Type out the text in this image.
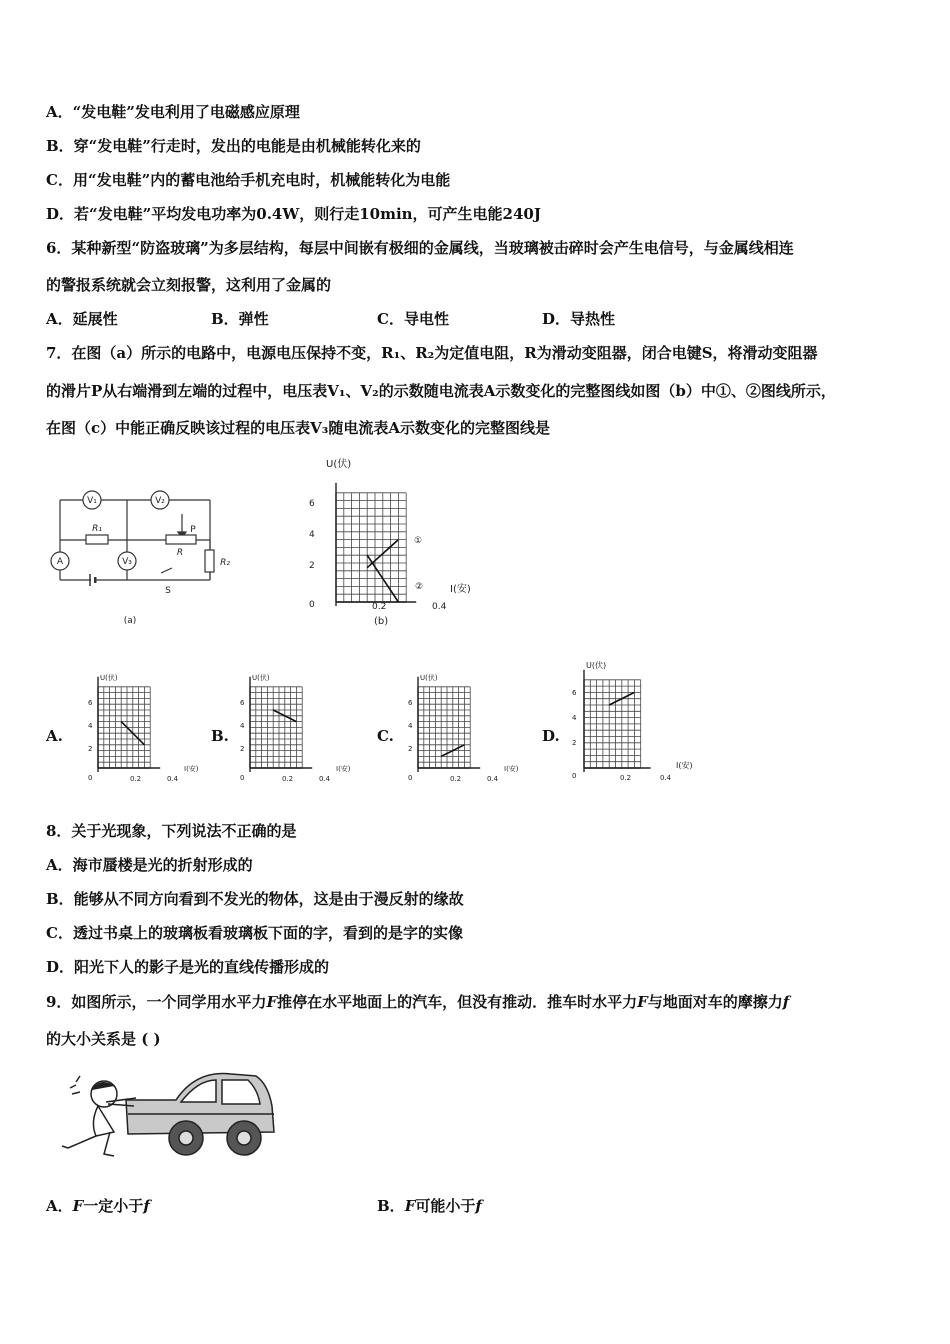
A．“发电鞋”发电利用了电磁感应原理
B．穿“发电鞋”行走时，发出的电能是由机械能转化来的
C．用“发电鞋”内的蓄电池给手机充电时，机械能转化为电能
D．若“发电鞋”平均发电功率为0.4W，则行走10min，可产生电能240J
6．某种新型“防盗玻璃”为多层结构，每层中间嵌有极细的金属线，当玻璃被击碎时会产生电信号，与金属线相连
的警报系统就会立刻报警，这利用了金属的
A．延展性	B．弹性	C．导电性	D．导热性
7．在图（a）所示的电路中，电源电压保持不变，R₁、R₂为定值电阻，R为滑动变阻器，闭合电键S，将滑动变阻器
的滑片P从右端滑到左端的过程中，电压表V₁、V₂的示数随电流表A示数变化的完整图线如图（b）中①、②图线所示，
在图（c）中能正确反映该过程的电压表V₃随电流表A示数变化的完整图线是
V₁	V₂
V₃
A
R₁
R
R₂
P
S
(a)
U(伏)
I(安)
6
4
2
0	0.2	0.4
①
②
(b)
A.
U(伏)
I(安)
6
4
2
0	0.2	0.4
B.
U(伏)
I(安)
6
4
2
0	0.2	0.4
C.
U(伏)
I(安)
6
4
2
0	0.2	0.4
D.
U(伏)
I(安)
6
4
2
0	0.2	0.4
8．关于光现象，下列说法不正确的是
A．海市蜃楼是光的折射形成的
B．能够从不同方向看到不发光的物体，这是由于漫反射的缘故
C．透过书桌上的玻璃板看玻璃板下面的字，看到的是字的实像
D．阳光下人的影子是光的直线传播形成的
9．如图所示，一个同学用水平力F推停在水平地面上的汽车，但没有推动．推车时水平力F与地面对车的摩擦力f
的大小关系是 ( )
A．F一定小于f	B．F可能小于f
